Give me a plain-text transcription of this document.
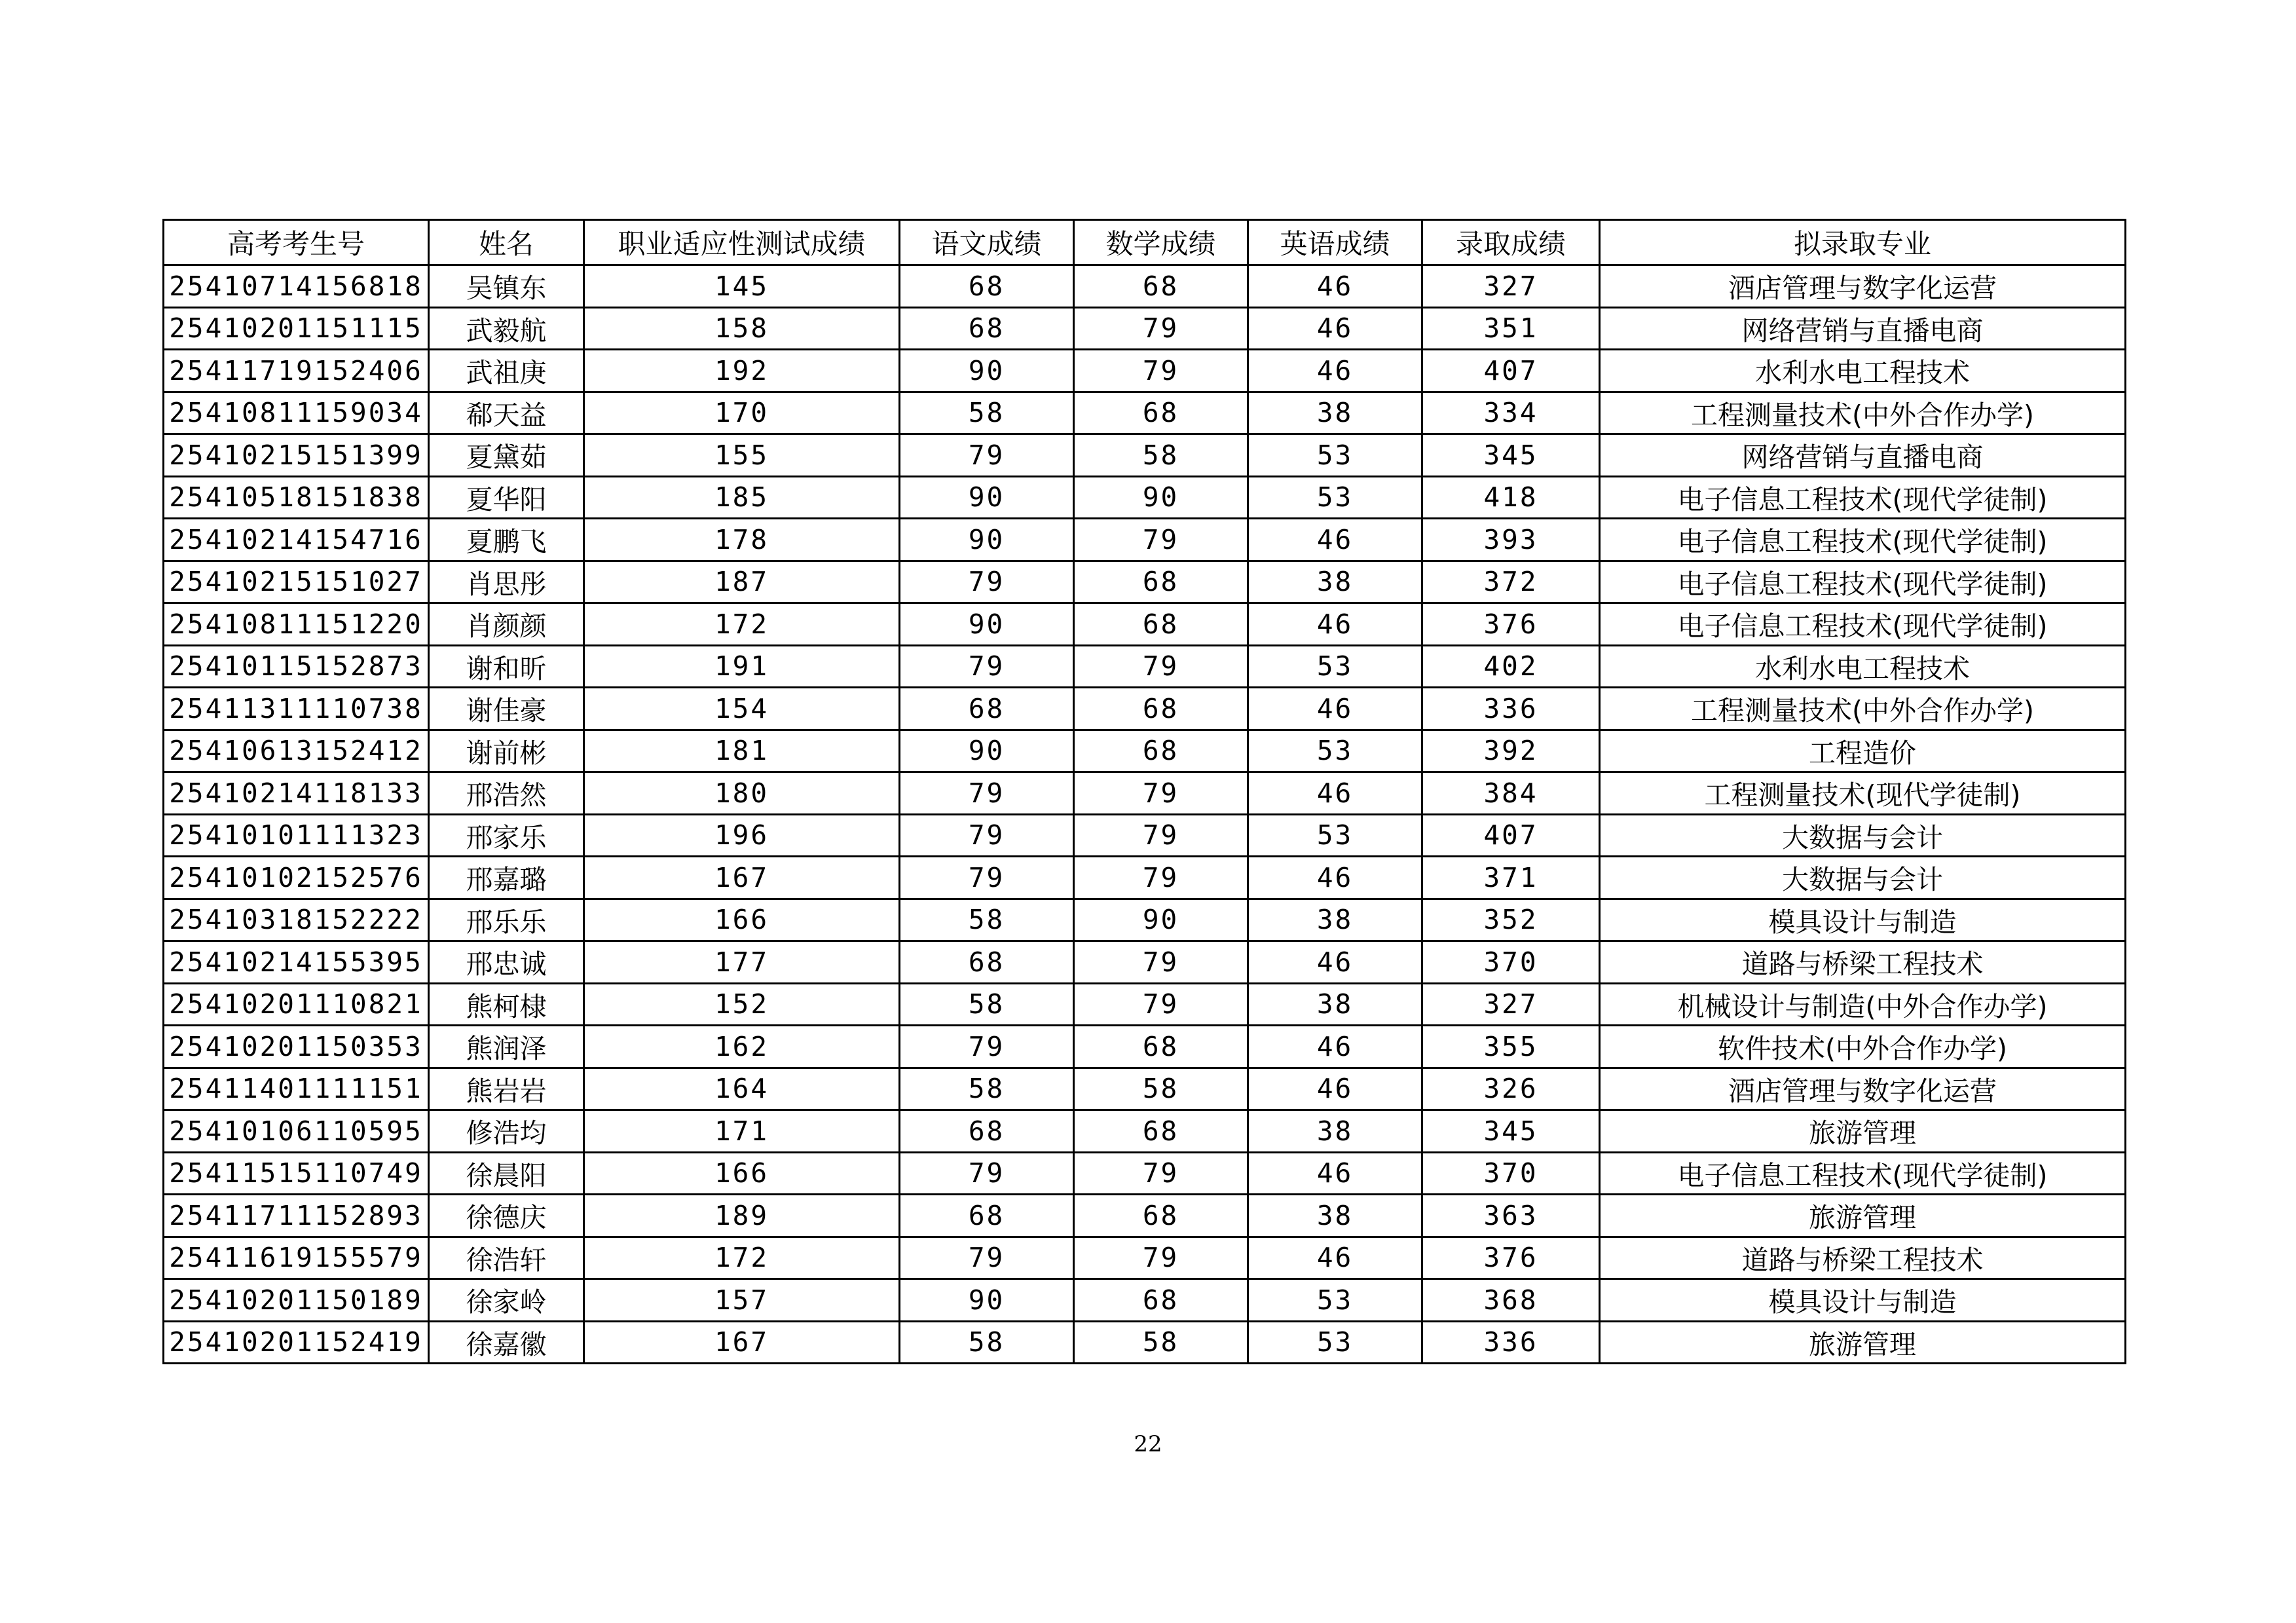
高考考生号	姓名	职业适应性测试成绩	语文成绩	数学成绩	英语成绩	录取成绩	拟录取专业
25410714156818	吴镇东	145	68	68	46	327	酒店管理与数字化运营
25410201151115	武毅航	158	68	79	46	351	网络营销与直播电商
25411719152406	武祖庚	192	90	79	46	407	水利水电工程技术
25410811159034	郗天益	170	58	68	38	334	工程测量技术(中外合作办学)
25410215151399	夏黛茹	155	79	58	53	345	网络营销与直播电商
25410518151838	夏华阳	185	90	90	53	418	电子信息工程技术(现代学徒制)
25410214154716	夏鹏飞	178	90	79	46	393	电子信息工程技术(现代学徒制)
25410215151027	肖思彤	187	79	68	38	372	电子信息工程技术(现代学徒制)
25410811151220	肖颜颜	172	90	68	46	376	电子信息工程技术(现代学徒制)
25410115152873	谢和昕	191	79	79	53	402	水利水电工程技术
25411311110738	谢佳豪	154	68	68	46	336	工程测量技术(中外合作办学)
25410613152412	谢前彬	181	90	68	53	392	工程造价
25410214118133	邢浩然	180	79	79	46	384	工程测量技术(现代学徒制)
25410101111323	邢家乐	196	79	79	53	407	大数据与会计
25410102152576	邢嘉璐	167	79	79	46	371	大数据与会计
25410318152222	邢乐乐	166	58	90	38	352	模具设计与制造
25410214155395	邢忠诚	177	68	79	46	370	道路与桥梁工程技术
25410201110821	熊柯棣	152	58	79	38	327	机械设计与制造(中外合作办学)
25410201150353	熊润泽	162	79	68	46	355	软件技术(中外合作办学)
25411401111151	熊岩岩	164	58	58	46	326	酒店管理与数字化运营
25410106110595	修浩均	171	68	68	38	345	旅游管理
25411515110749	徐晨阳	166	79	79	46	370	电子信息工程技术(现代学徒制)
25411711152893	徐德庆	189	68	68	38	363	旅游管理
25411619155579	徐浩轩	172	79	79	46	376	道路与桥梁工程技术
25410201150189	徐家岭	157	90	68	53	368	模具设计与制造
25410201152419	徐嘉徽	167	58	58	53	336	旅游管理
22
